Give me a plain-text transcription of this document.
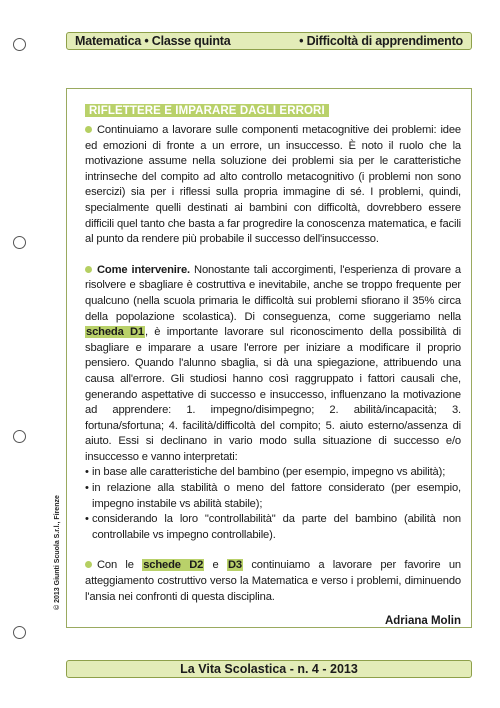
Matematica • Classe quinta	• Difficoltà di apprendimento
RIFLETTERE E IMPARARE DAGLI ERRORI

Continuiamo a lavorare sulle componenti metacognitive dei problemi: idee ed emozioni di fronte a un errore, un insuccesso. È noto il ruolo che la motivazione assume nella soluzione dei problemi sia per le caratteristiche intrinseche del compito ad alto controllo metacognitivo (i problemi non sono esercizi) sia per i riflessi sulla propria immagine di sé. I problemi, quindi, specialmente quelli destinati ai bambini con difficoltà, dovrebbero essere difficili quel tanto che basta a far progredire la conoscenza matematica, e facili al punto da rendere più probabile il successo dell'insuccesso.

Come intervenire. Nonostante tali accorgimenti, l'esperienza di provare a risolvere e sbagliare è costruttiva e inevitabile, anche se troppo frequente per qualcuno (nella scuola primaria le difficoltà sui problemi sfiorano il 35% circa della popolazione scolastica). Di conseguenza, come suggeriamo nella scheda D1, è importante lavorare sul riconoscimento della possibilità di sbagliare e imparare a usare l'errore per iniziare a modificare il proprio pensiero. Quando l'alunno sbaglia, si dà una spiegazione, attribuendo una causa all'errore. Gli studiosi hanno così raggruppato i fattori causali che, generando aspettative di successo e insuccesso, influenzano la motivazione ad apprendere: 1. impegno/disimpegno; 2. abilità/incapacità; 3. fortuna/sfortuna; 4. facilità/difficoltà del compito; 5. aiuto esterno/assenza di aiuto. Essi si declinano in vario modo sulla situazione di successo e/o insuccesso e vanno interpretati:
• in base alle caratteristiche del bambino (per esempio, impegno vs abilità);
• in relazione alla stabilità o meno del fattore considerato (per esempio, impegno instabile vs abilità stabile);
• considerando la loro "controllabilità" da parte del bambino (abilità non controllabile vs impegno controllabile).

Con le schede D2 e D3 continuiamo a lavorare per favorire un atteggiamento costruttivo verso la Matematica e verso i problemi, diminuendo l'ansia nei confronti di questa disciplina.

Adriana Molin
© 2013 Giunti Scuola S.r.l., Firenze
La Vita Scolastica - n. 4 - 2013
